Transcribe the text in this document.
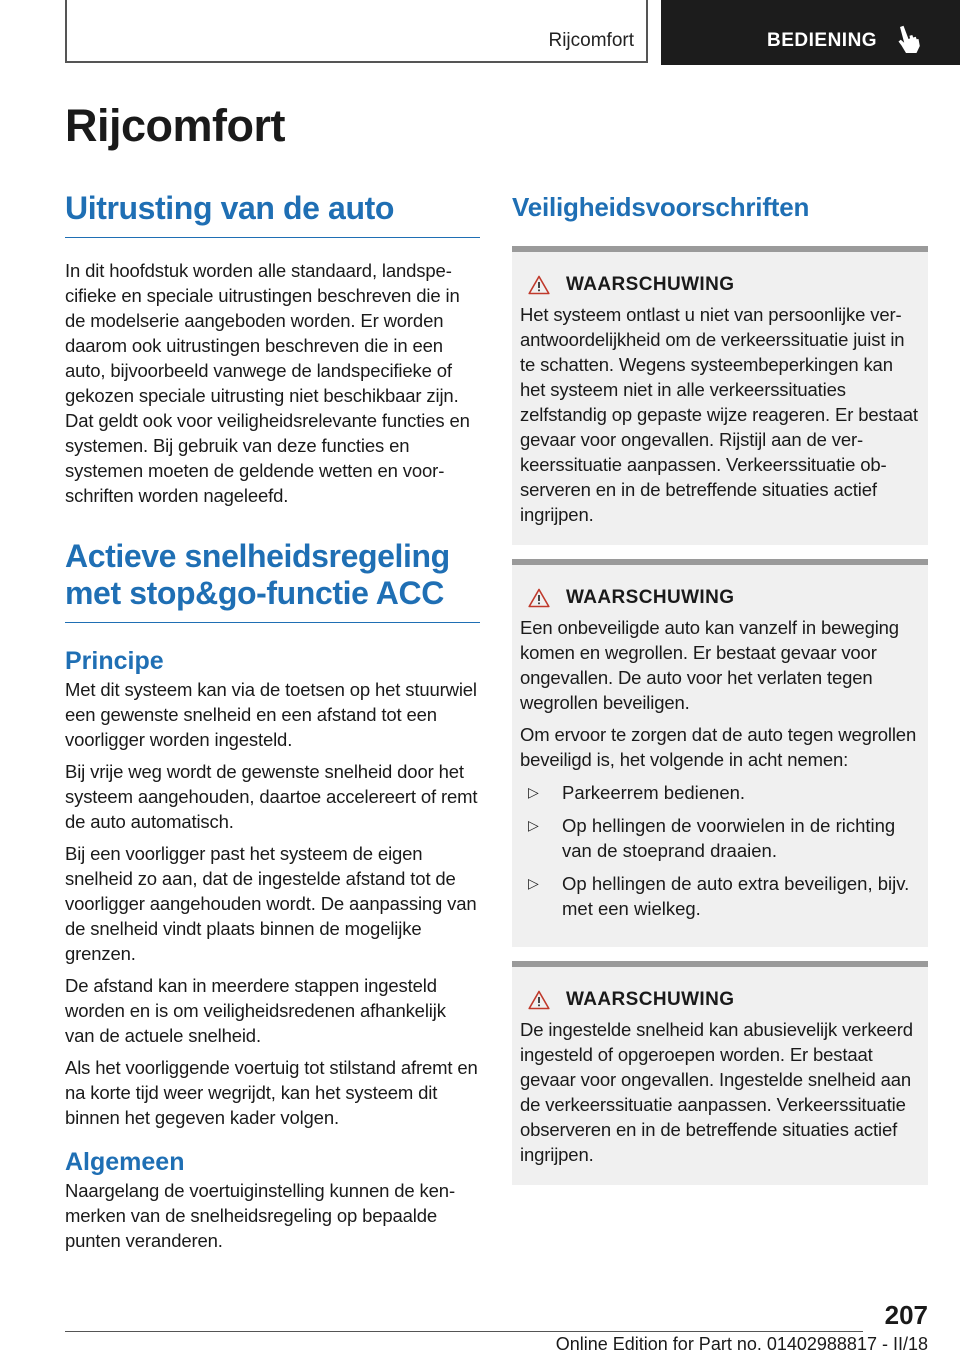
Rijcomfort	BEDIENING
Rijcomfort
Uitrusting van de auto

In dit hoofdstuk worden alle standaard, landspecifieke en speciale uitrustingen beschreven die in de modelserie aangeboden worden. Er worden daarom ook uitrustingen beschreven die in een auto, bijvoorbeeld vanwege de landspecifieke of gekozen speciale uitrusting niet beschikbaar zijn. Dat geldt ook voor veiligheidsrelevante functies en systemen. Bij gebruik van deze functies en systemen moeten de geldende wetten en voorschriften worden nageleefd.

Actieve snelheidsregeling met stop&go-functie ACC
Principe

Met dit systeem kan via de toetsen op het stuurwiel een gewenste snelheid en een afstand tot een voorligger worden ingesteld.

Bij vrije weg wordt de gewenste snelheid door het systeem aangehouden, daartoe accelereert of remt de auto automatisch.

Bij een voorligger past het systeem de eigen snelheid zo aan, dat de ingestelde afstand tot de voorligger aangehouden wordt. De aanpassing van de snelheid vindt plaats binnen de mogelijke grenzen.

De afstand kan in meerdere stappen ingesteld worden en is om veiligheidsredenen afhankelijk van de actuele snelheid.

Als het voorliggende voertuig tot stilstand afremt en na korte tijd weer wegrijdt, kan het systeem dit binnen het gegeven kader volgen.

Algemeen

Naargelang de voertuiginstelling kunnen de kenmerken van de snelheidsregeling op bepaalde punten veranderen.

Veiligheidsvoorschriften
WAARSCHUWING

Het systeem ontlast u niet van persoonlijke verantwoordelijkheid om de verkeerssituatie juist in te schatten. Wegens systeembeperkingen kan het systeem niet in alle verkeerssituaties zelfstandig op gepaste wijze reageren. Er bestaat gevaar voor ongevallen. Rijstijl aan de verkeerssituatie aanpassen. Verkeerssituatie observeren en in de betreffende situaties actief ingrijpen.

WAARSCHUWING

Een onbeveiligde auto kan vanzelf in beweging komen en wegrollen. Er bestaat gevaar voor ongevallen. De auto voor het verlaten tegen wegrollen beveiligen.

Om ervoor te zorgen dat de auto tegen wegrollen beveiligd is, het volgende in acht nemen:

▷	Parkeerrem bedienen.
▷	Op hellingen de voorwielen in de richting van de stoeprand draaien.
▷	Op hellingen de auto extra beveiligen, bijv. met een wielkeg.
WAARSCHUWING

De ingestelde snelheid kan abusievelijk verkeerd ingesteld of opgeroepen worden. Er bestaat gevaar voor ongevallen. Ingestelde snelheid aan de verkeerssituatie aanpassen. Verkeerssituatie observeren en in de betreffende situaties actief ingrijpen.

207
Online Edition for Part no. 01402988817 - II/18
